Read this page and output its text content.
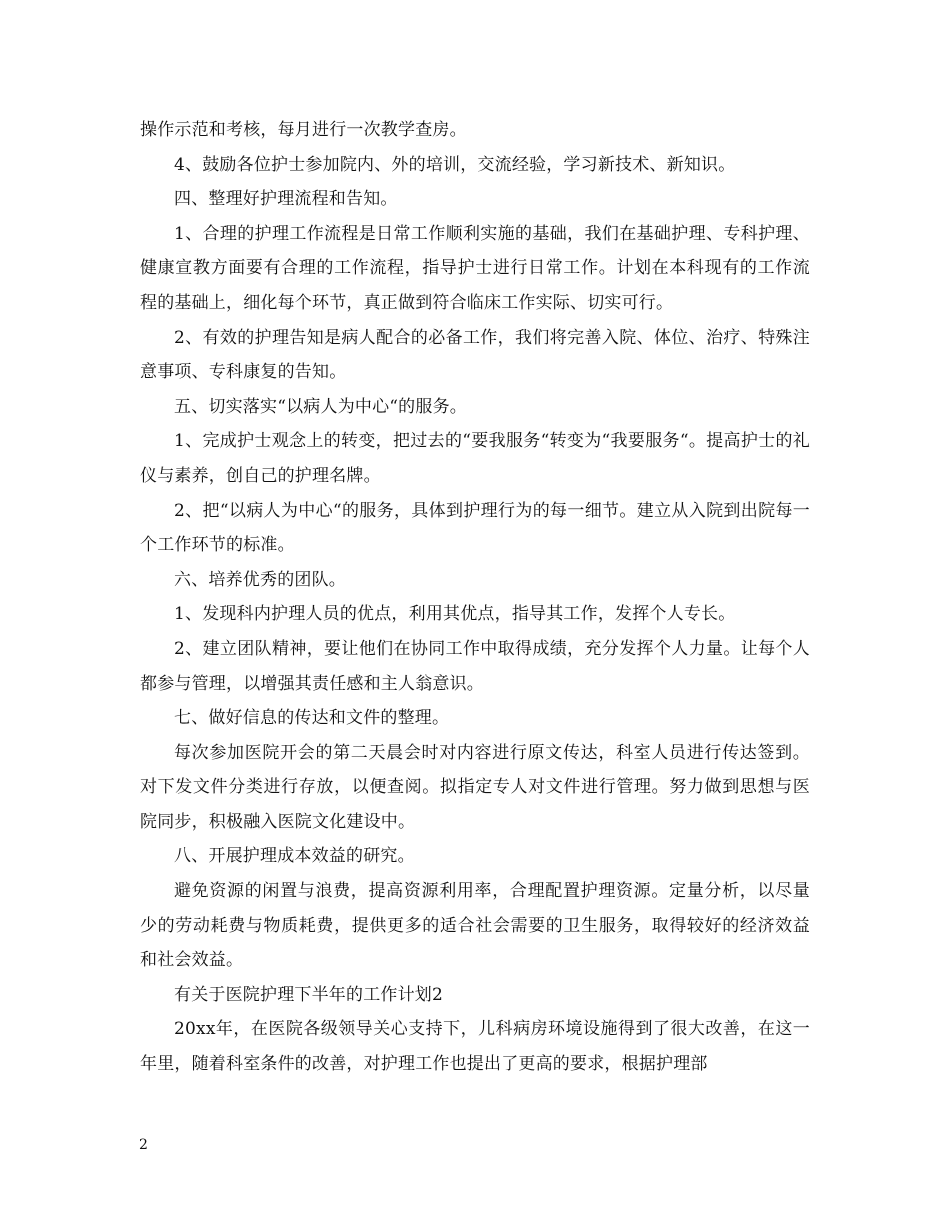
操作示范和考核，每月进行一次教学查房。

4、鼓励各位护士参加院内、外的培训，交流经验，学习新技术、新知识。

四、整理好护理流程和告知。

1、合理的护理工作流程是日常工作顺利实施的基础，我们在基础护理、专科护理、健康宣教方面要有合理的工作流程，指导护士进行日常工作。计划在本科现有的工作流程的基础上，细化每个环节，真正做到符合临床工作实际、切实可行。

2、有效的护理告知是病人配合的必备工作，我们将完善入院、体位、治疗、特殊注意事项、专科康复的告知。

五、切实落实“以病人为中心“的服务。

1、完成护士观念上的转变，把过去的“要我服务“转变为“我要服务“。提高护士的礼仪与素养，创自己的护理名牌。

2、把“以病人为中心“的服务，具体到护理行为的每一细节。建立从入院到出院每一个工作环节的标准。

六、培养优秀的团队。

1、发现科内护理人员的优点，利用其优点，指导其工作，发挥个人专长。

2、建立团队精神，要让他们在协同工作中取得成绩，充分发挥个人力量。让每个人都参与管理，以增强其责任感和主人翁意识。

七、做好信息的传达和文件的整理。

每次参加医院开会的第二天晨会时对内容进行原文传达，科室人员进行传达签到。对下发文件分类进行存放，以便查阅。拟指定专人对文件进行管理。努力做到思想与医院同步，积极融入医院文化建设中。

八、开展护理成本效益的研究。

避免资源的闲置与浪费，提高资源利用率，合理配置护理资源。定量分析，以尽量少的劳动耗费与物质耗费，提供更多的适合社会需要的卫生服务，取得较好的经济效益和社会效益。

有关于医院护理下半年的工作计划2

20xx年，在医院各级领导关心支持下，儿科病房环境设施得到了很大改善，在这一年里，随着科室条件的改善，对护理工作也提出了更高的要求，根据护理部

2
